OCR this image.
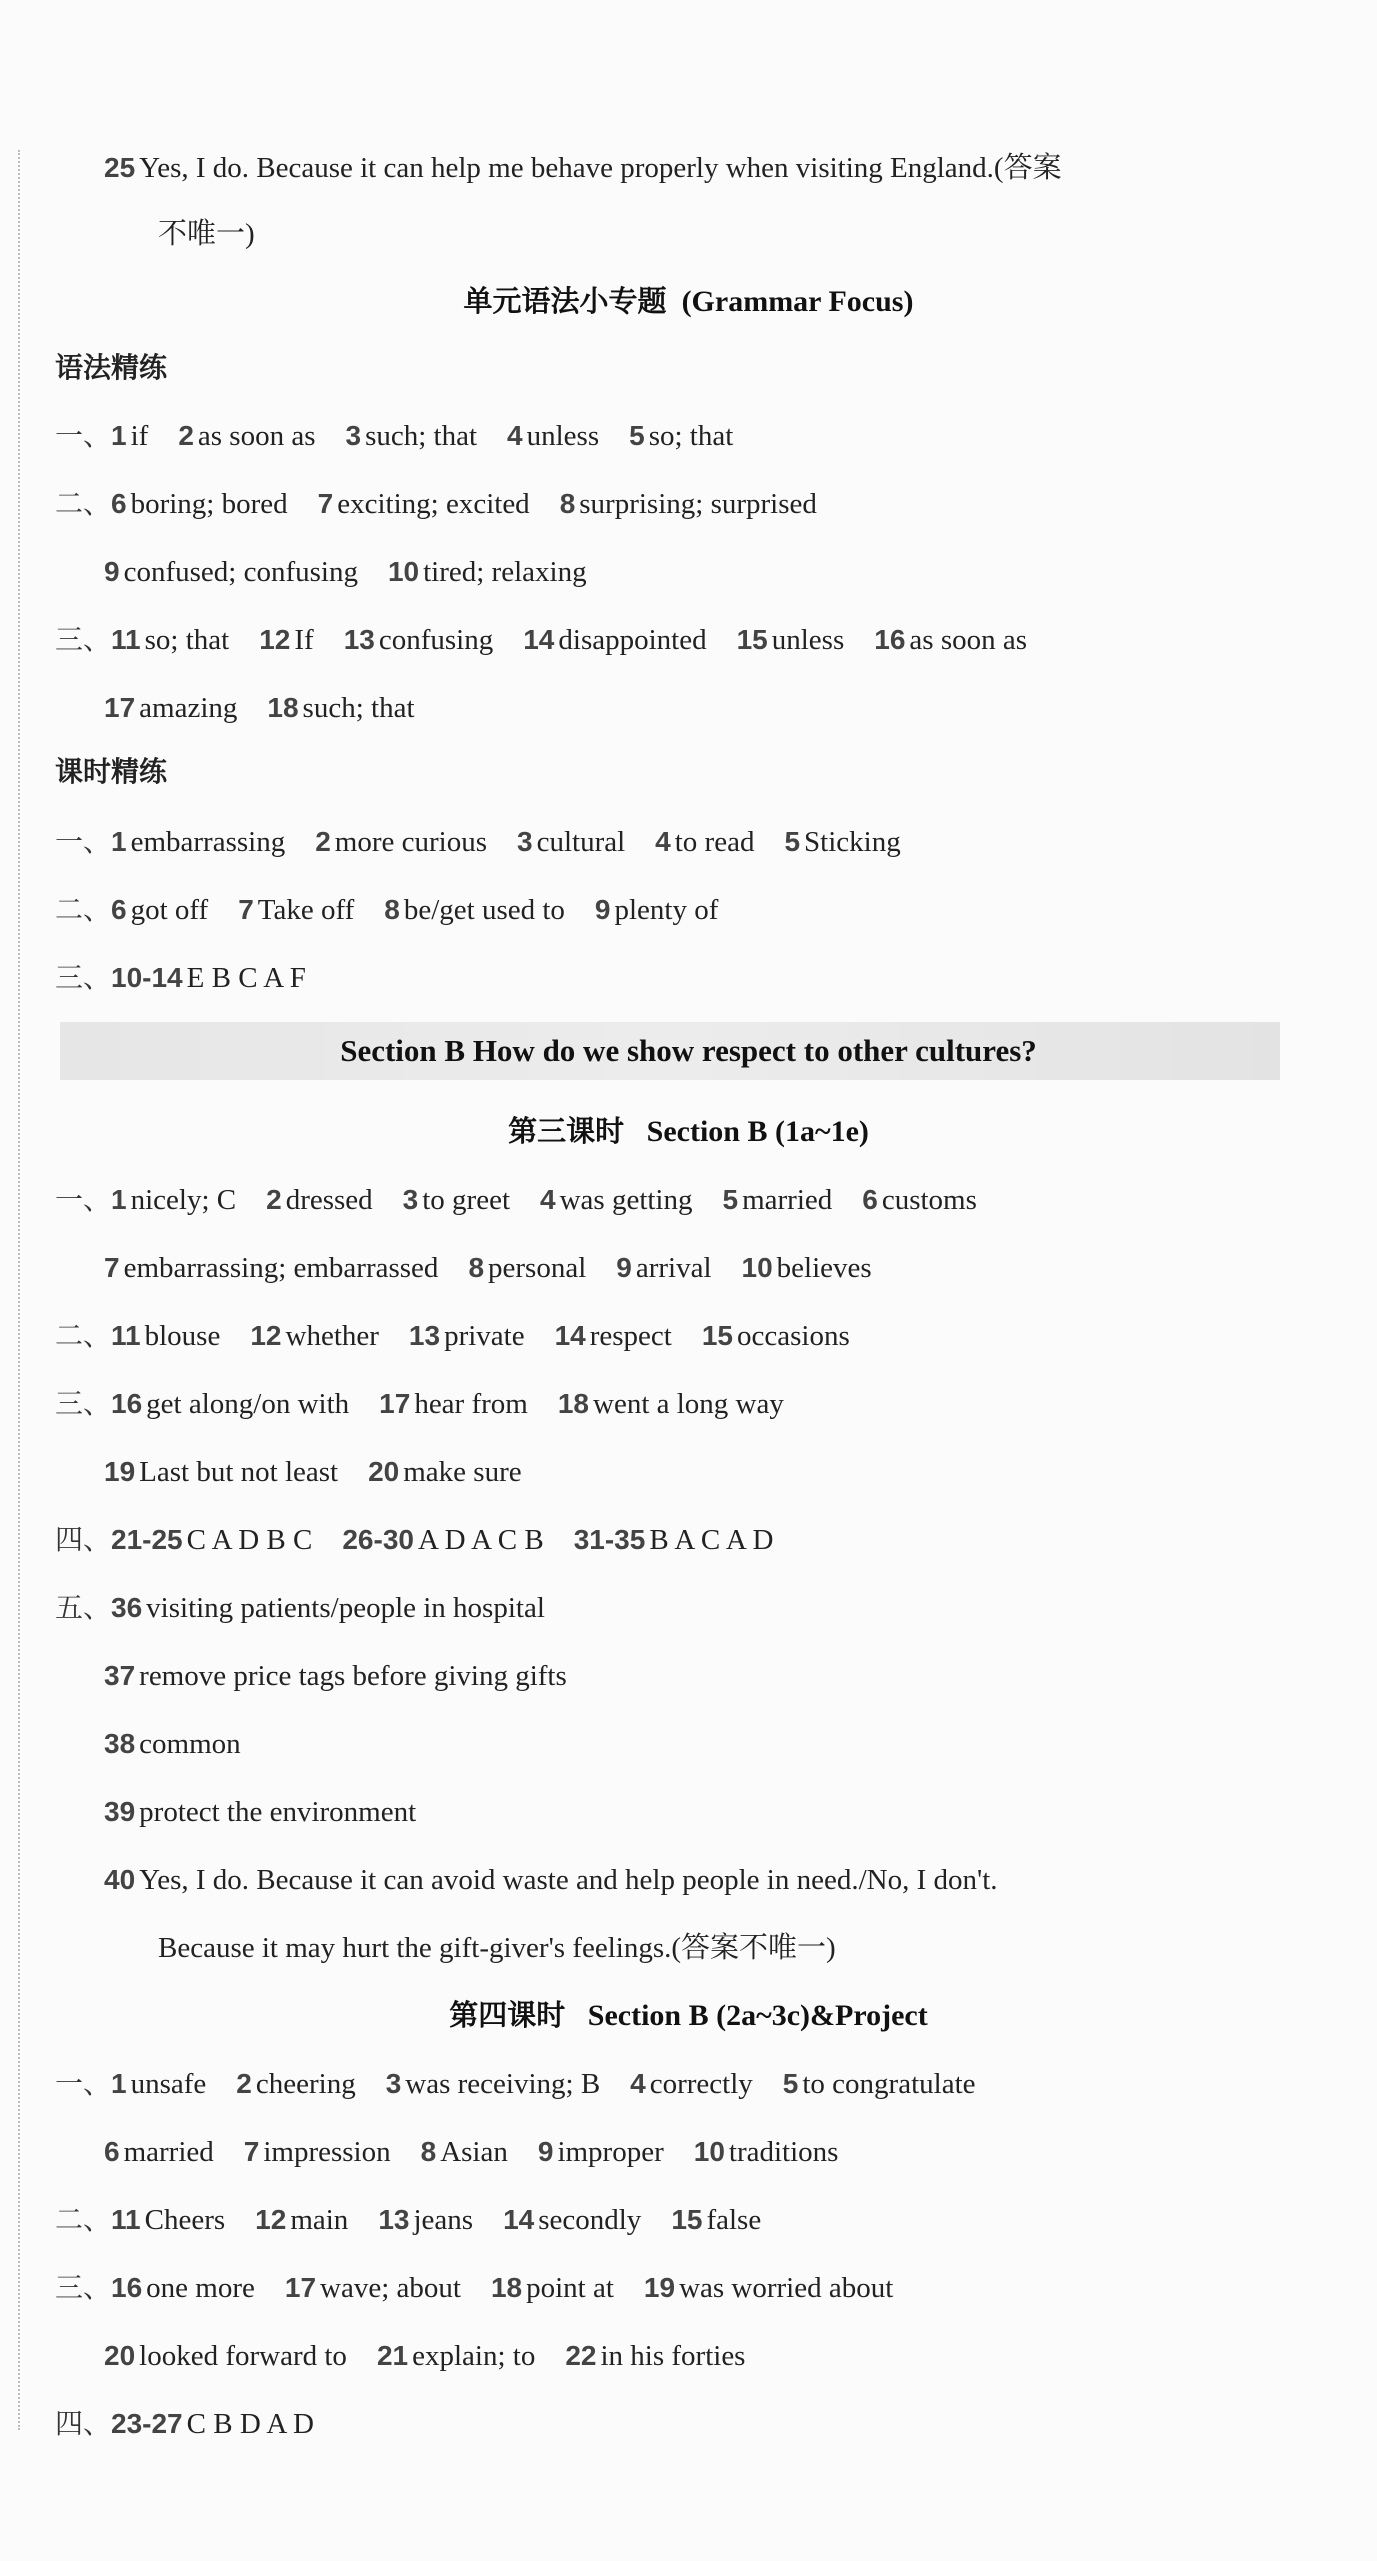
25 Yes, I do. Because it can help me behave properly when visiting England.(答案
不唯一)
单元语法小专题 (Grammar Focus)
语法精练
一、1 if 2 as soon as 3 such; that 4 unless 5 so; that
二、6 boring; bored 7 exciting; excited 8 surprising; surprised
9 confused; confusing 10 tired; relaxing
三、11 so; that 12 If 13 confusing 14 disappointed 15 unless 16 as soon as
17 amazing 18 such; that
课时精练
一、1 embarrassing 2 more curious 3 cultural 4 to read 5 Sticking
二、6 got off 7 Take off 8 be/get used to 9 plenty of
三、10-14 E B C A F
Section B How do we show respect to other cultures?
第三课时 Section B (1a~1e)
一、1 nicely; C 2 dressed 3 to greet 4 was getting 5 married 6 customs
7 embarrassing; embarrassed 8 personal 9 arrival 10 believes
二、11 blouse 12 whether 13 private 14 respect 15 occasions
三、16 get along/on with 17 hear from 18 went a long way
19 Last but not least 20 make sure
四、21-25 C A D B C 26-30 A D A C B 31-35 B A C A D
五、36 visiting patients/people in hospital
37 remove price tags before giving gifts
38 common
39 protect the environment
40 Yes, I do. Because it can avoid waste and help people in need./No, I don't.
Because it may hurt the gift-giver's feelings.(答案不唯一)
第四课时 Section B (2a~3c)&Project
一、1 unsafe 2 cheering 3 was receiving; B 4 correctly 5 to congratulate
6 married 7 impression 8 Asian 9 improper 10 traditions
二、11 Cheers 12 main 13 jeans 14 secondly 15 false
三、16 one more 17 wave; about 18 point at 19 was worried about
20 looked forward to 21 explain; to 22 in his forties
四、23-27 C B D A D
